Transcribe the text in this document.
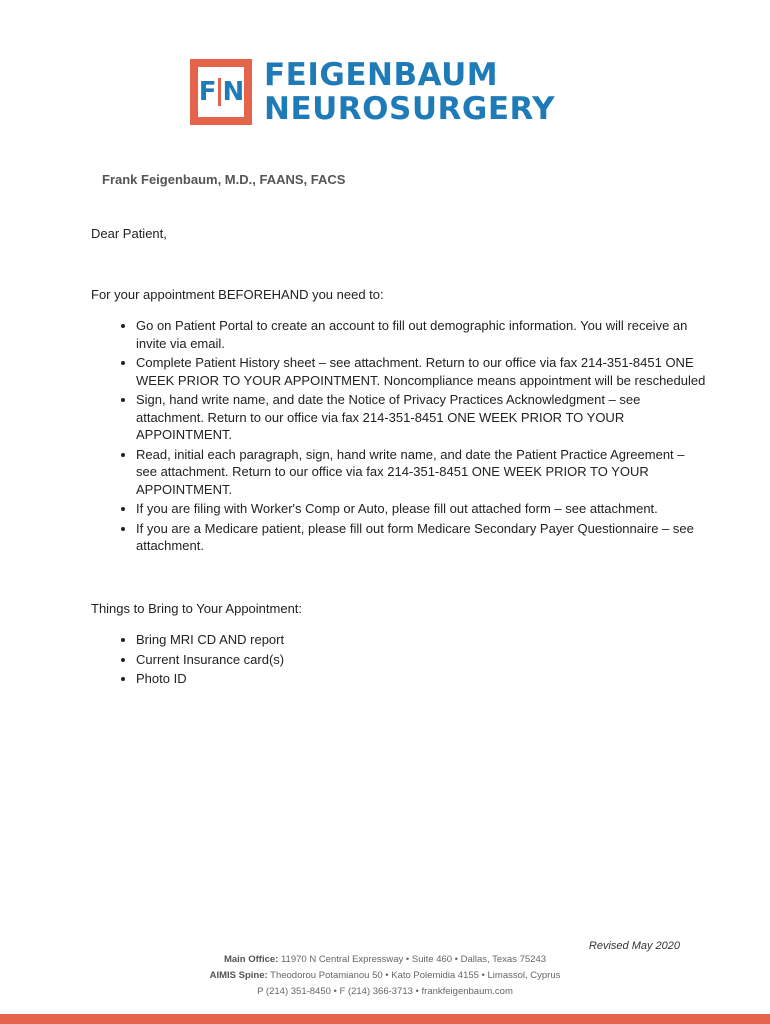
F N FEIGENBAUM
NEUROSURGERY
Frank Feigenbaum, M.D., FAANS, FACS
Dear Patient,
For your appointment BEFOREHAND you need to:
• Go on Patient Portal to create an account to fill out demographic information. You will receive an invite via email.
• Complete Patient History sheet – see attachment. Return to our office via fax 214-351-8451 ONE WEEK PRIOR TO YOUR APPOINTMENT. Noncompliance means appointment will be rescheduled
• Sign, hand write name, and date the Notice of Privacy Practices Acknowledgment – see attachment. Return to our office via fax 214-351-8451 ONE WEEK PRIOR TO YOUR APPOINTMENT.
• Read, initial each paragraph, sign, hand write name, and date the Patient Practice Agreement – see attachment. Return to our office via fax 214-351-8451 ONE WEEK PRIOR TO YOUR APPOINTMENT.
• If you are filing with Worker's Comp or Auto, please fill out attached form – see attachment.
• If you are a Medicare patient, please fill out form Medicare Secondary Payer Questionnaire – see attachment.
Things to Bring to Your Appointment:
• Bring MRI CD AND report
• Current Insurance card(s)
• Photo ID
Revised May 2020
Main Office: 11970 N Central Expressway • Suite 460 • Dallas, Texas 75243
AIMIS Spine: Theodorou Potamianou 50 • Kato Polemidia 4155 • Limassol, Cyprus
P (214) 351-8450 • F (214) 366-3713 • frankfeigenbaum.com
